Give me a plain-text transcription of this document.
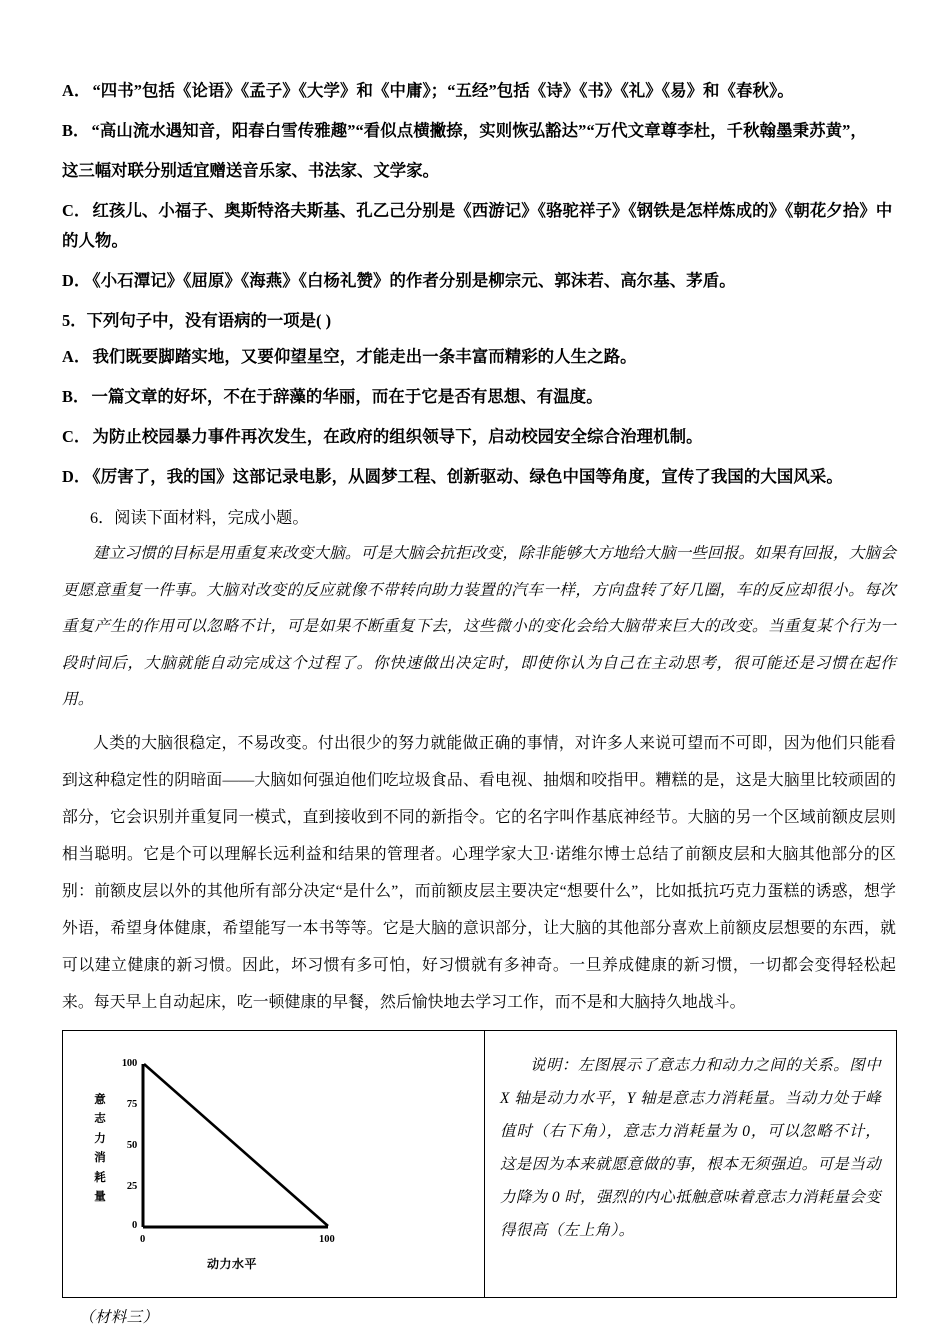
A． “四书”包括《论语》《孟子》《大学》和《中庸》；“五经”包括《诗》《书》《礼》《易》和《春秋》。
B． “高山流水遇知音，阳春白雪传雅趣”“看似点横撇捺，实则恢弘豁达”“万代文章尊李杜，千秋翰墨秉苏黄”，
这三幅对联分别适宜赠送音乐家、书法家、文学家。
C． 红孩儿、小福子、奥斯特洛夫斯基、孔乙己分别是《西游记》《骆驼祥子》《钢铁是怎样炼成的》《朝花夕拾》中的人物。
D． 《小石潭记》《屈原》《海燕》《白杨礼赞》的作者分别是柳宗元、郭沫若、高尔基、茅盾。
5．下列句子中，没有语病的一项是( )
A． 我们既要脚踏实地，又要仰望星空，才能走出一条丰富而精彩的人生之路。
B． 一篇文章的好坏，不在于辞藻的华丽，而在于它是否有思想、有温度。
C． 为防止校园暴力事件再次发生，在政府的组织领导下，启动校园安全综合治理机制。
D． 《厉害了，我的国》这部记录电影，从圆梦工程、创新驱动、绿色中国等角度，宣传了我国的大国风采。
6．阅读下面材料，完成小题。
建立习惯的目标是用重复来改变大脑。可是大脑会抗拒改变，除非能够大方地给大脑一些回报。如果有回报，大脑会更愿意重复一件事。大脑对改变的反应就像不带转向助力装置的汽车一样，方向盘转了好几圈，车的反应却很小。每次重复产生的作用可以忽略不计，可是如果不断重复下去，这些微小的变化会给大脑带来巨大的改变。当重复某个行为一段时间后，大脑就能自动完成这个过程了。你快速做出决定时，即使你认为自己在主动思考，很可能还是习惯在起作用。
人类的大脑很稳定，不易改变。付出很少的努力就能做正确的事情，对许多人来说可望而不可即，因为他们只能看到这种稳定性的阴暗面——大脑如何强迫他们吃垃圾食品、看电视、抽烟和咬指甲。糟糕的是，这是大脑里比较顽固的部分，它会识别并重复同一模式，直到接收到不同的新指令。它的名字叫作基底神经节。大脑的另一个区域前额皮层则相当聪明。它是个可以理解长远利益和结果的管理者。心理学家大卫·诺维尔博士总结了前额皮层和大脑其他部分的区别：前额皮层以外的其他所有部分决定“是什么”，而前额皮层主要决定“想要什么”，比如抵抗巧克力蛋糕的诱惑，想学外语，希望身体健康，希望能写一本书等等。它是大脑的意识部分，让大脑的其他部分喜欢上前额皮层想要的东西，就可以建立健康的新习惯。因此，坏习惯有多可怕，好习惯就有多神奇。一旦养成健康的新习惯，一切都会变得轻松起来。每天早上自动起床，吃一顿健康的早餐，然后愉快地去学习工作，而不是和大脑持久地战斗。
意
志
力
消
耗
量
100
75
50
25
0
0	100
动力水平

说明：左图展示了意志力和动力之间的关系。图中 X 轴是动力水平，Y 轴是意志力消耗量。当动力处于峰值时（右下角），意志力消耗量为 0，可以忽略不计，这是因为本来就愿意做的事，根本无须强迫。可是当动力降为 0 时，强烈的内心抵触意味着意志力消耗量会变得很高（左上角）。
（材料三）
